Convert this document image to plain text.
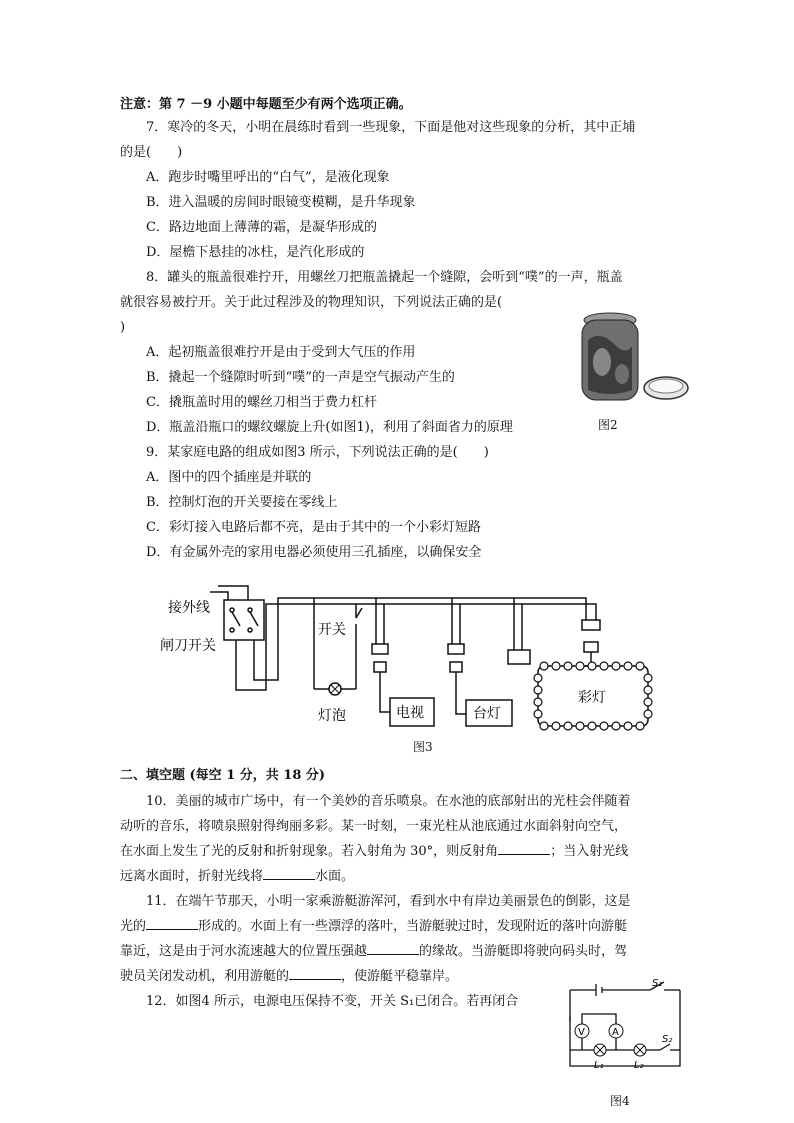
注意：第 7 －9 小题中每题至少有两个选项正确。
7．寒冷的冬天，小明在晨练时看到一些现象，下面是他对这些现象的分析，其中正埔
的是(　　)
A．跑步时嘴里呼出的“白气”，是液化现象
B．进入温暖的房间时眼镜变模糊，是升华现象
C．路边地面上薄薄的霜，是凝华形成的
D．屋檐下悬挂的冰柱，是汽化形成的
8．罐头的瓶盖很难拧开，用螺丝刀把瓶盖撬起一个缝隙，会听到“噗”的一声，瓶盖
就很容易被拧开。关于此过程涉及的物理知识，下列说法正确的是(
)
A．起初瓶盖很难拧开是由于受到大气压的作用
B．撬起一个缝隙时听到“噗”的一声是空气振动产生的
C．撬瓶盖时用的螺丝刀相当于费力杠杆
D．瓶盖沿瓶口的螺纹螺旋上升(如图1)，利用了斜面省力的原理	图2
9．某家庭电路的组成如图3 所示，下列说法正确的是(　　)
A．图中的四个插座是并联的
B．控制灯泡的开关要接在零线上
C．彩灯接入电路后都不亮，是由于其中的一个小彩灯短路
D．有金属外壳的家用电器必须使用三孔插座，以确保安全
接外线
闸刀开关
开关
灯泡	电视	台灯
彩灯
图3
二、填空题 (每空 1 分，共 18 分)
10．美丽的城市广场中，有一个美妙的音乐喷泉。在水池的底部射出的光柱会伴随着
动听的音乐，将喷泉照射得绚丽多彩。某一时刻，一束光柱从池底通过水面斜射向空气，
在水面上发生了光的反射和折射现象。若入射角为 30°，则反射角	；当入射光线
远离水面时，折射光线将	水面。
11．在端午节那天，小明一家乘游艇游浑河，看到水中有岸边美丽景色的倒影，这是
光的	形成的。水面上有一些漂浮的落叶，当游艇驶过时，发现附近的落叶向游艇
靠近，这是由于河水流速越大的位置压强越	的缘故。当游艇即将驶向码头时，驾
驶员关闭发动机，利用游艇的	，使游艇平稳靠岸。
12．如图4 所示，电源电压保持不变，开关 S₁已闭合。若再闭合
V	A
S₁
S₂
L₁	L₂
图4
